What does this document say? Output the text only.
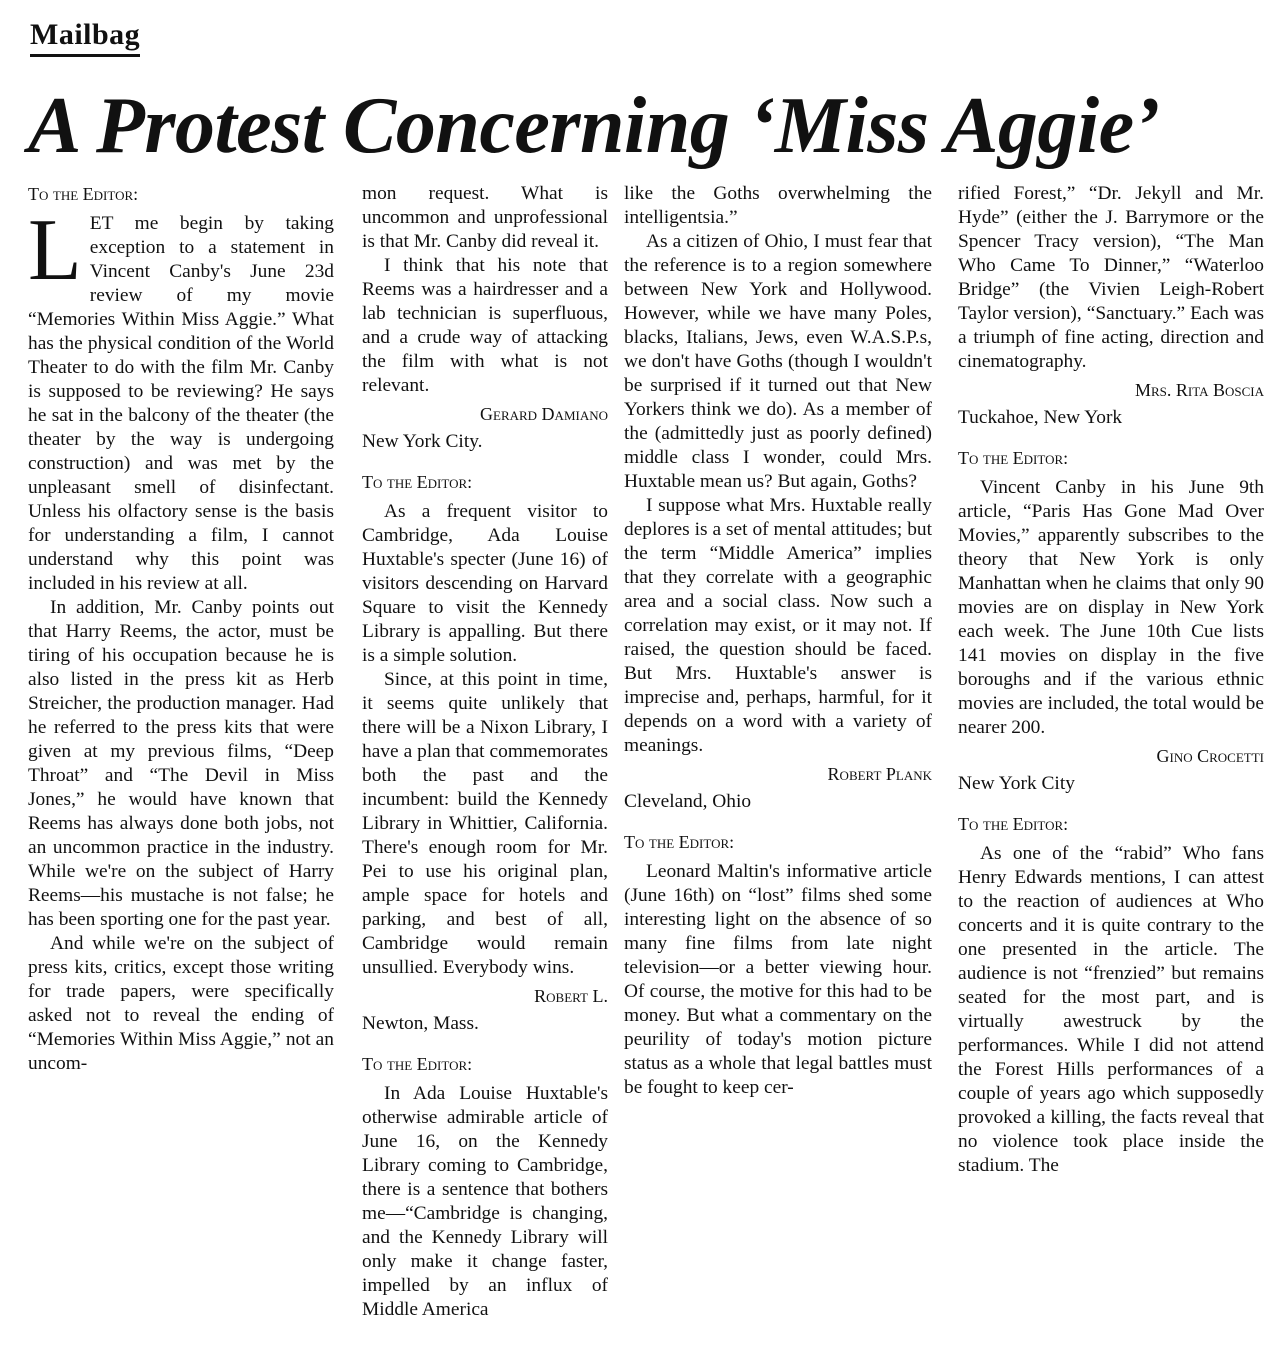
Mailbag
A Protest Concerning ‘Miss Aggie’
To the Editor:

LET me begin by taking exception to a statement in Vincent Canby's June 23d review of my movie “Memories Within Miss Aggie.” What has the physical condition of the World Theater to do with the film Mr. Canby is supposed to be reviewing? He says he sat in the balcony of the theater (the theater by the way is undergoing construction) and was met by the unpleasant smell of disinfectant. Unless his olfactory sense is the basis for understanding a film, I cannot understand why this point was included in his review at all.

In addition, Mr. Canby points out that Harry Reems, the actor, must be tiring of his occupation because he is also listed in the press kit as Herb Streicher, the production manager. Had he referred to the press kits that were given at my previous films, “Deep Throat” and “The Devil in Miss Jones,” he would have known that Reems has always done both jobs, not an uncommon practice in the industry. While we're on the subject of Harry Reems—his mustache is not false; he has been sporting one for the past year.

And while we're on the subject of press kits, critics, except those writing for trade papers, were specifically asked not to reveal the ending of “Memories Within Miss Aggie,” not an uncom-

mon request. What is uncommon and unprofessional is that Mr. Canby did reveal it.

I think that his note that Reems was a hairdresser and a lab technician is superfluous, and a crude way of attacking the film with what is not relevant.

Gerard Damiano
New York City.
To the Editor:

As a frequent visitor to Cambridge, Ada Louise Huxtable's specter (June 16) of visitors descending on Harvard Square to visit the Kennedy Library is appalling. But there is a simple solution.

Since, at this point in time, it seems quite unlikely that there will be a Nixon Library, I have a plan that commemorates both the past and the incumbent: build the Kennedy Library in Whittier, California. There's enough room for Mr. Pei to use his original plan, ample space for hotels and parking, and best of all, Cambridge would remain unsullied. Everybody wins.

Robert L.
Newton, Mass.
To the Editor:

In Ada Louise Huxtable's otherwise admirable article of June 16, on the Kennedy Library coming to Cambridge, there is a sentence that bothers me—“Cambridge is changing, and the Kennedy Library will only make it change faster, impelled by an influx of Middle America

like the Goths overwhelming the intelligentsia.”

As a citizen of Ohio, I must fear that the reference is to a region somewhere between New York and Hollywood. However, while we have many Poles, blacks, Italians, Jews, even W.A.S.P.s, we don't have Goths (though I wouldn't be surprised if it turned out that New Yorkers think we do). As a member of the (admittedly just as poorly defined) middle class I wonder, could Mrs. Huxtable mean us? But again, Goths?

I suppose what Mrs. Huxtable really deplores is a set of mental attitudes; but the term “Middle America” implies that they correlate with a geographic area and a social class. Now such a correlation may exist, or it may not. If raised, the question should be faced. But Mrs. Huxtable's answer is imprecise and, perhaps, harmful, for it depends on a word with a variety of meanings.

Robert Plank
Cleveland, Ohio
To the Editor:

Leonard Maltin's informative article (June 16th) on “lost” films shed some interesting light on the absence of so many fine films from late night television—or a better viewing hour. Of course, the motive for this had to be money. But what a commentary on the peurility of today's motion picture status as a whole that legal battles must be fought to keep cer-

rified Forest,” “Dr. Jekyll and Mr. Hyde” (either the J. Barrymore or the Spencer Tracy version), “The Man Who Came To Dinner,” “Waterloo Bridge” (the Vivien Leigh-Robert Taylor version), “Sanctuary.” Each was a triumph of fine acting, direction and cinematography.

Mrs. Rita Boscia
Tuckahoe, New York
To the Editor:

Vincent Canby in his June 9th article, “Paris Has Gone Mad Over Movies,” apparently subscribes to the theory that New York is only Manhattan when he claims that only 90 movies are on display in New York each week. The June 10th Cue lists 141 movies on display in the five boroughs and if the various ethnic movies are included, the total would be nearer 200.

Gino Crocetti
New York City
To the Editor:

As one of the “rabid” Who fans Henry Edwards mentions, I can attest to the reaction of audiences at Who concerts and it is quite contrary to the one presented in the article. The audience is not “frenzied” but remains seated for the most part, and is virtually awestruck by the performances. While I did not attend the Forest Hills performances of a couple of years ago which supposedly provoked a killing, the facts reveal that no violence took place inside the stadium. The
